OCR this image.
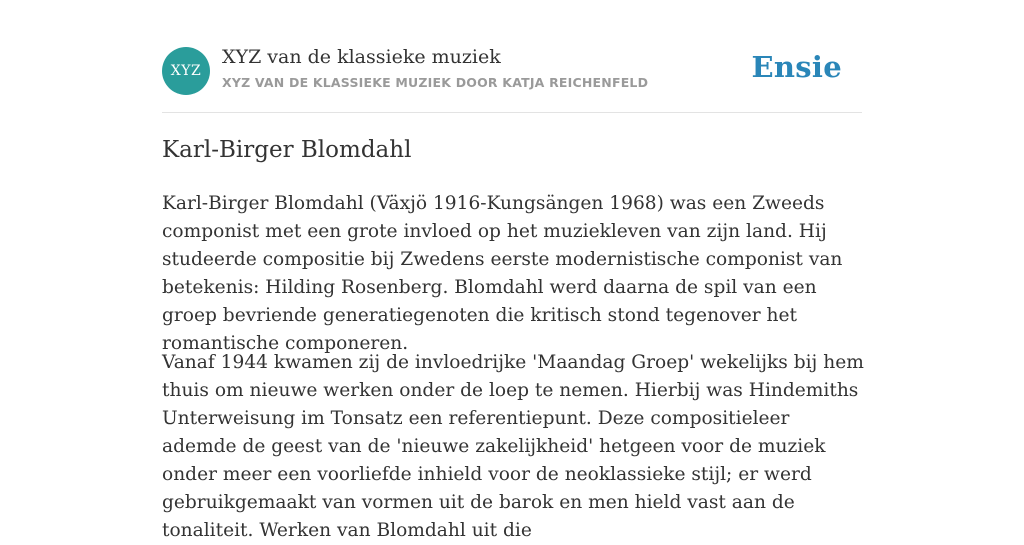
XYZ
XYZ van de klassieke muziek
XYZ VAN DE KLASSIEKE MUZIEK DOOR KATJA REICHENFELD	Ensie
Karl-Birger Blomdahl

Karl-Birger Blomdahl (Växjö 1916-Kungsängen 1968) was een Zweeds componist met een grote invloed op het muziekleven van zijn land. Hij studeerde compositie bij Zwedens eerste modernistische componist van betekenis: Hilding Rosenberg. Blomdahl werd daarna de spil van een groep bevriende generatiegenoten die kritisch stond tegenover het romantische componeren.

Vanaf 1944 kwamen zij de invloedrijke 'Maandag Groep' wekelijks bij hem thuis om nieuwe werken onder de loep te nemen. Hierbij was Hindemiths Unterweisung im Tonsatz een referentiepunt. Deze compositieleer ademde de geest van de 'nieuwe zakelijkheid' hetgeen voor de muziek onder meer een voorliefde inhield voor de neoklassieke stijl; er werd gebruikgemaakt van vormen uit de barok en men hield vast aan de tonaliteit. Werken van Blomdahl uit die
